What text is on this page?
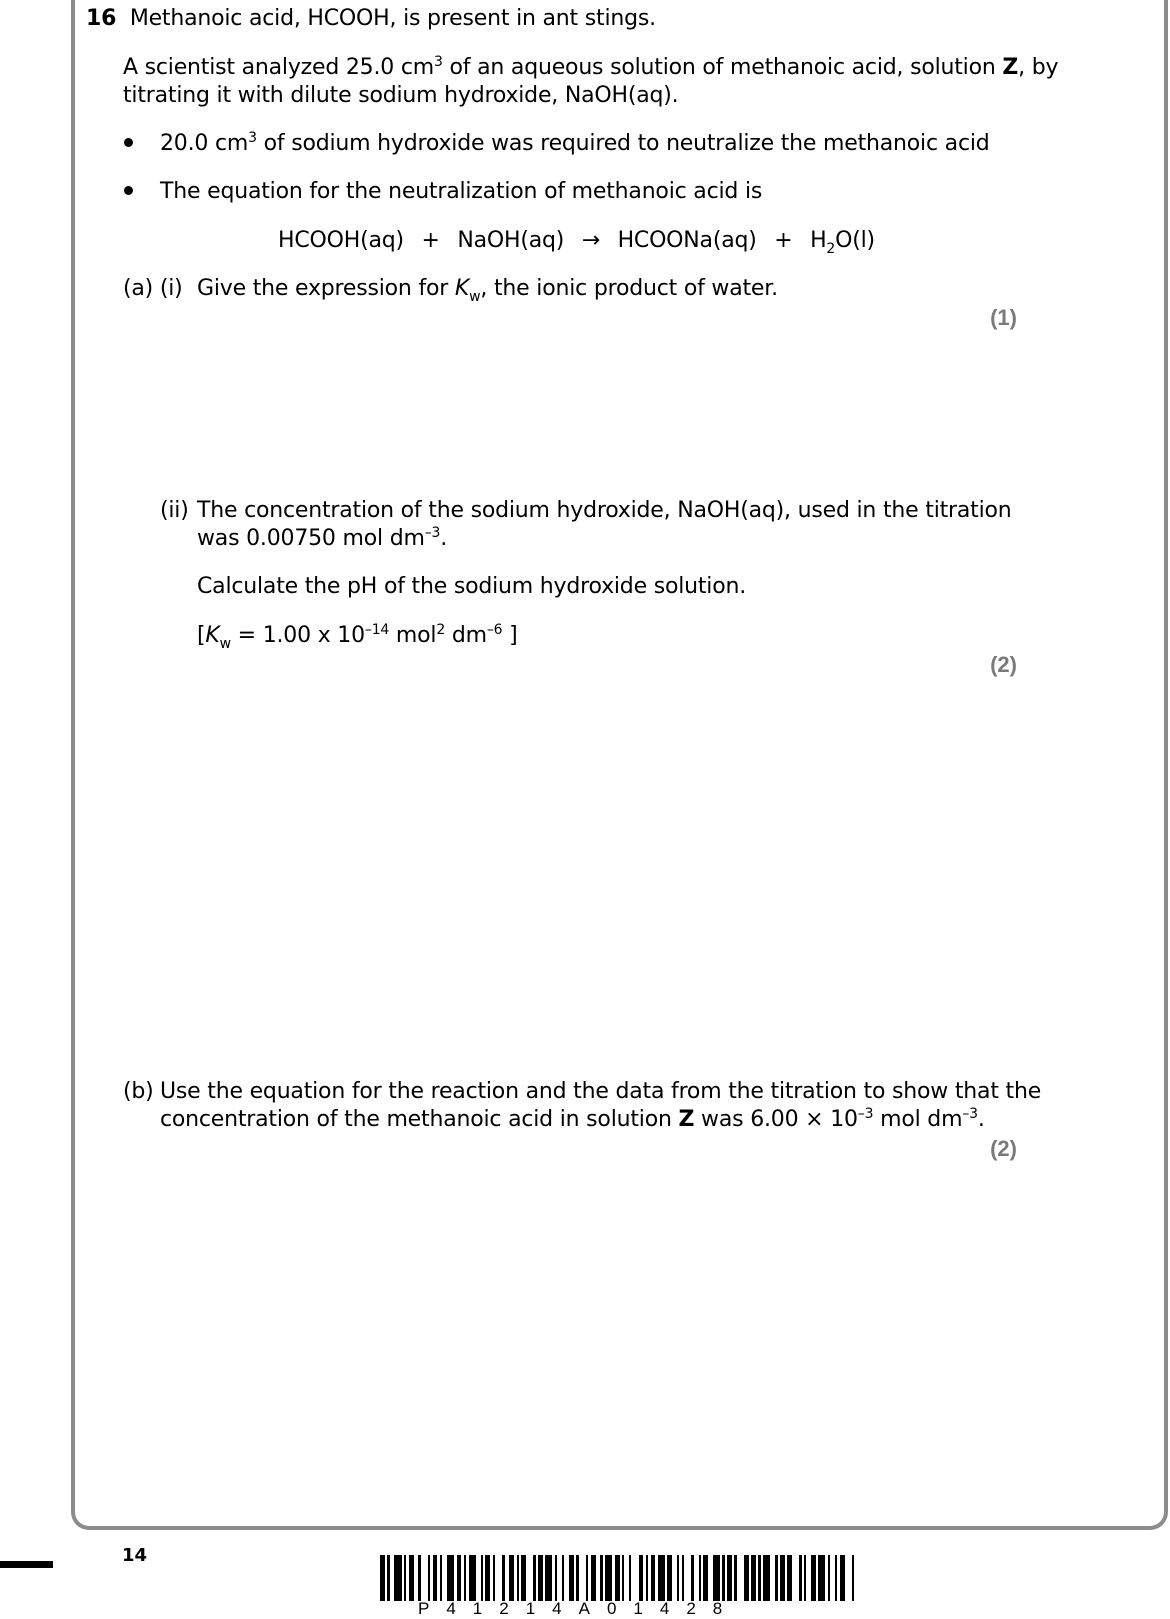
16 Methanoic acid, HCOOH, is present in ant stings.
A scientist analyzed 25.0 $cm^3$ of an aqueous solution of methanoic acid, solution Z, by
titrating it with dilute sodium hydroxide, NaOH(aq).
20.0 $cm^3$ of sodium hydroxide was required to neutralize the methanoic acid
The equation for the neutralization of methanoic acid is
HCOOH(aq) + NaOH(aq) → HCOONa(aq) + $H_2O(l)$
(a) (i) Give the expression for $K_w$, the ionic product of water.
(1)
(ii) The concentration of the sodium hydroxide, NaOH(aq), used in the titration
was 0.00750 mol $dm^{-3}$.
Calculate the pH of the sodium hydroxide solution.
[$K_w = 1.00$ x $10^{-14}$ mol$^2$ $dm^{-6}$ ]
(2)
(b) Use the equation for the reaction and the data from the titration to show that the
concentration of the methanoic acid in solution Z was $6.00 \times 10^{-3}$ mol $dm^{-3}$.
(2)
14
P41214A01428
